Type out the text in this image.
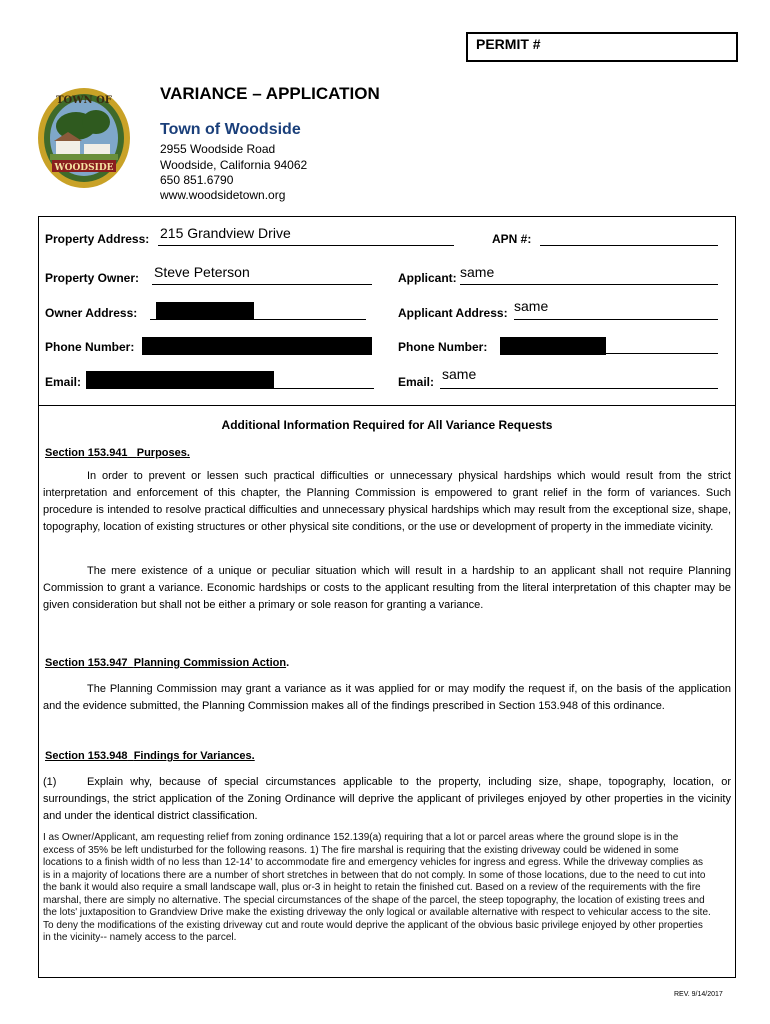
PERMIT #
WOODSIDE
TOWN OF	VARIANCE – APPLICATION
Town of Woodside
2955 Woodside Road
Woodside, California 94062
650 851.6790
www.woodsidetown.org
Property Address: 215 Grandview Drive	APN #:
Property Owner: Steve Peterson	Applicant: same
Owner Address:	Applicant Address: same
Phone Number:	Phone Number:
Email:	Email: same
Additional Information Required for All Variance Requests
Section 153.941 Purposes.
In order to prevent or lessen such practical difficulties or unnecessary physical hardships which would result from the strict interpretation and enforcement of this chapter, the Planning Commission is empowered to grant relief in the form of variances. Such procedure is intended to resolve practical difficulties and unnecessary physical hardships which may result from the exceptional size, shape, topography, location of existing structures or other physical site conditions, or the use or development of property in the immediate vicinity.
The mere existence of a unique or peculiar situation which will result in a hardship to an applicant shall not require Planning Commission to grant a variance. Economic hardships or costs to the applicant resulting from the literal interpretation of this chapter may be given consideration but shall not be either a primary or sole reason for granting a variance.
Section 153.947 Planning Commission Action.
The Planning Commission may grant a variance as it was applied for or may modify the request if, on the basis of the application and the evidence submitted, the Planning Commission makes all of the findings prescribed in Section 153.948 of this ordinance.
Section 153.948 Findings for Variances.
(1)	Explain why, because of special circumstances applicable to the property, including size, shape, topography, location, or surroundings, the strict application of the Zoning Ordinance will deprive the applicant of privileges enjoyed by other properties in the vicinity and under the identical district classification.
I as Owner/Applicant, am requesting relief from zoning ordinance 152.139(a) requiring that a lot or parcel areas where the ground slope is in the excess of 35% be left undisturbed for the following reasons. 1) The fire marshal is requiring that the existing driveway could be widened in some locations to a finish width of no less than 12-14' to accommodate fire and emergency vehicles for ingress and egress. While the driveway complies as is in a majority of locations there are a number of short stretches in between that do not comply. In some of those locations, due to the need to cut into the bank it would also require a small landscape wall, plus or-3 in height to retain the finished cut. Based on a review of the requirements with the fire marshal, there are simply no alternative. The special circumstances of the shape of the parcel, the steep topography, the location of existing trees and the lots' juxtaposition to Grandview Drive make the existing driveway the only logical or available alternative with respect to vehicular access to the site. To deny the modifications of the existing driveway cut and route would deprive the applicant of the obvious basic privilege enjoyed by other properties in the vicinity-- namely access to the parcel.
REV. 9/14/2017
